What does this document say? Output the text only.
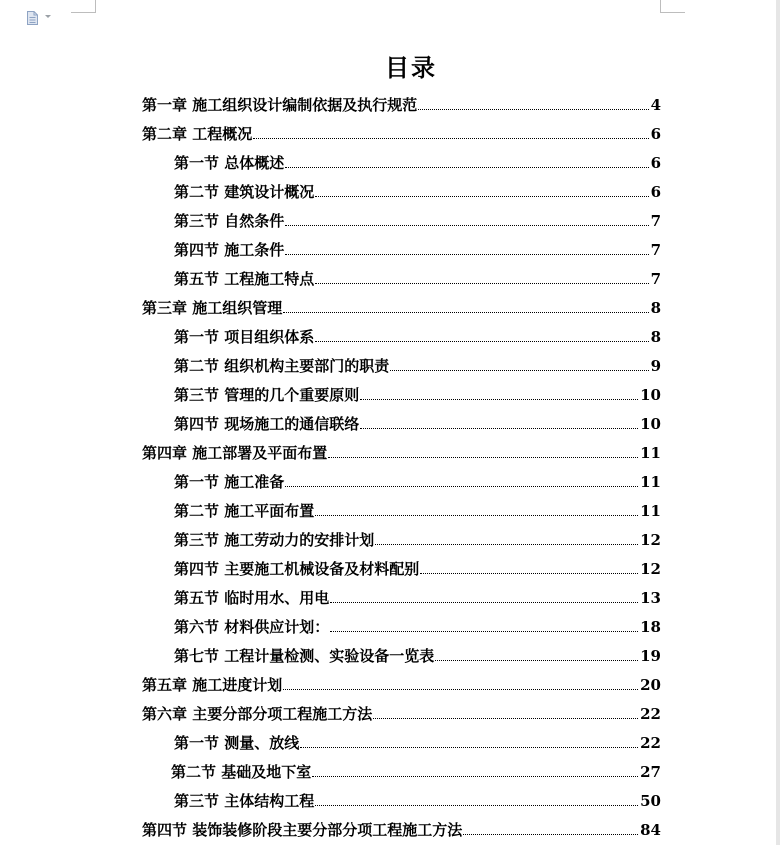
目录
第一章 施工组织设计编制依据及执行规范	4
第二章 工程概况	6
第一节 总体概述	6
第二节 建筑设计概况	6
第三节 自然条件	7
第四节 施工条件	7
第五节 工程施工特点	7
第三章 施工组织管理	8
第一节 项目组织体系	8
第二节 组织机构主要部门的职责	9
第三节 管理的几个重要原则	10
第四节 现场施工的通信联络	10
第四章 施工部署及平面布置	11
第一节 施工准备	11
第二节 施工平面布置	11
第三节 施工劳动力的安排计划	12
第四节 主要施工机械设备及材料配别	12
第五节 临时用水、用电	13
第六节 材料供应计划：	18
第七节 工程计量检测、实验设备一览表	19
第五章 施工进度计划	20
第六章 主要分部分项工程施工方法	22
第一节 测量、放线	22
第二节 基础及地下室	27
第三节 主体结构工程	50
第四节 装饰装修阶段主要分部分项工程施工方法	84
